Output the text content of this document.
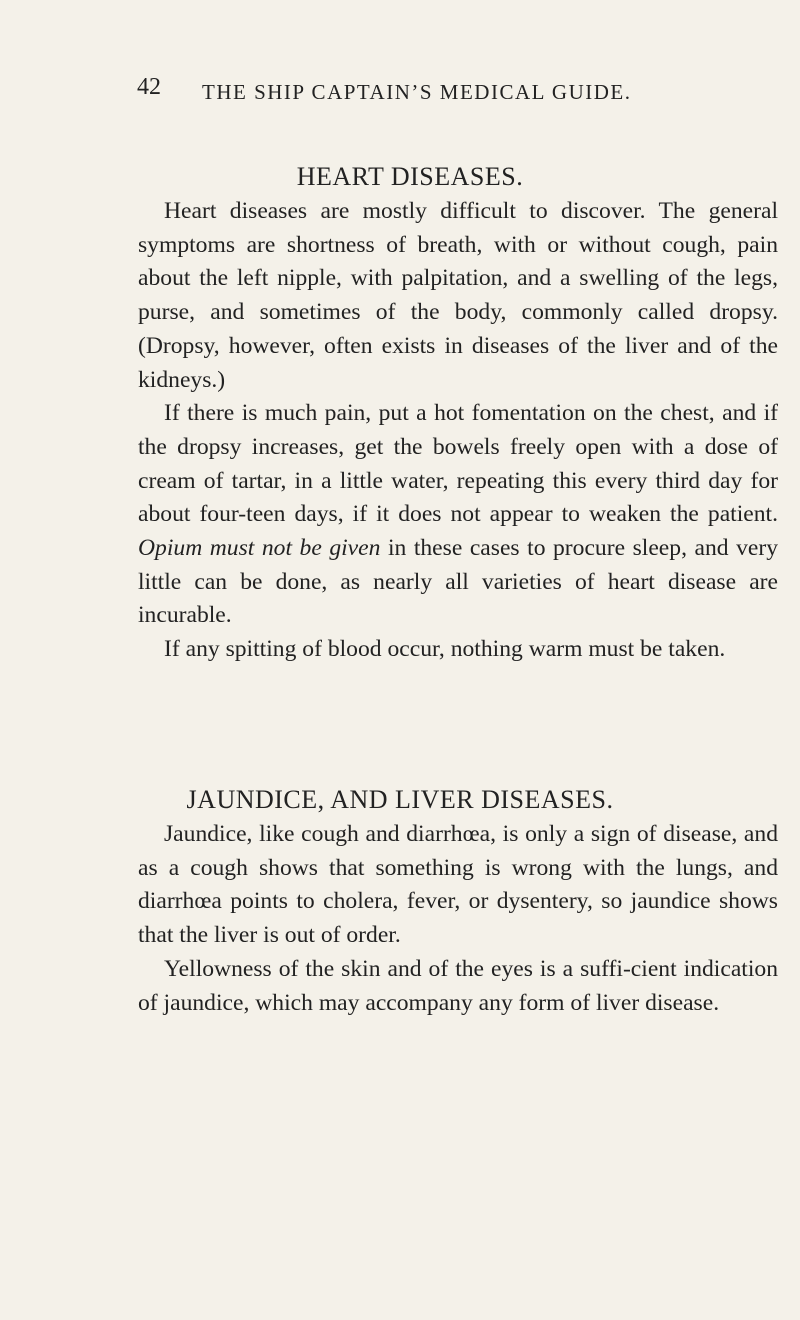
42 THE SHIP CAPTAIN’S MEDICAL GUIDE.
HEART DISEASES.

Heart diseases are mostly difficult to discover. The general symptoms are shortness of breath, with or without cough, pain about the left nipple, with palpitation, and a swelling of the legs, purse, and sometimes of the body, commonly called dropsy. (Dropsy, however, often exists in diseases of the liver and of the kidneys.)

If there is much pain, put a hot fomentation on the chest, and if the dropsy increases, get the bowels freely open with a dose of cream of tartar, in a little water, repeating this every third day for about four-teen days, if it does not appear to weaken the patient. Opium must not be given in these cases to procure sleep, and very little can be done, as nearly all varieties of heart disease are incurable.

If any spitting of blood occur, nothing warm must be taken.

JAUNDICE, AND LIVER DISEASES.

Jaundice, like cough and diarrhœa, is only a sign of disease, and as a cough shows that something is wrong with the lungs, and diarrhœa points to cholera, fever, or dysentery, so jaundice shows that the liver is out of order.

Yellowness of the skin and of the eyes is a suffi-cient indication of jaundice, which may accompany any form of liver disease.
